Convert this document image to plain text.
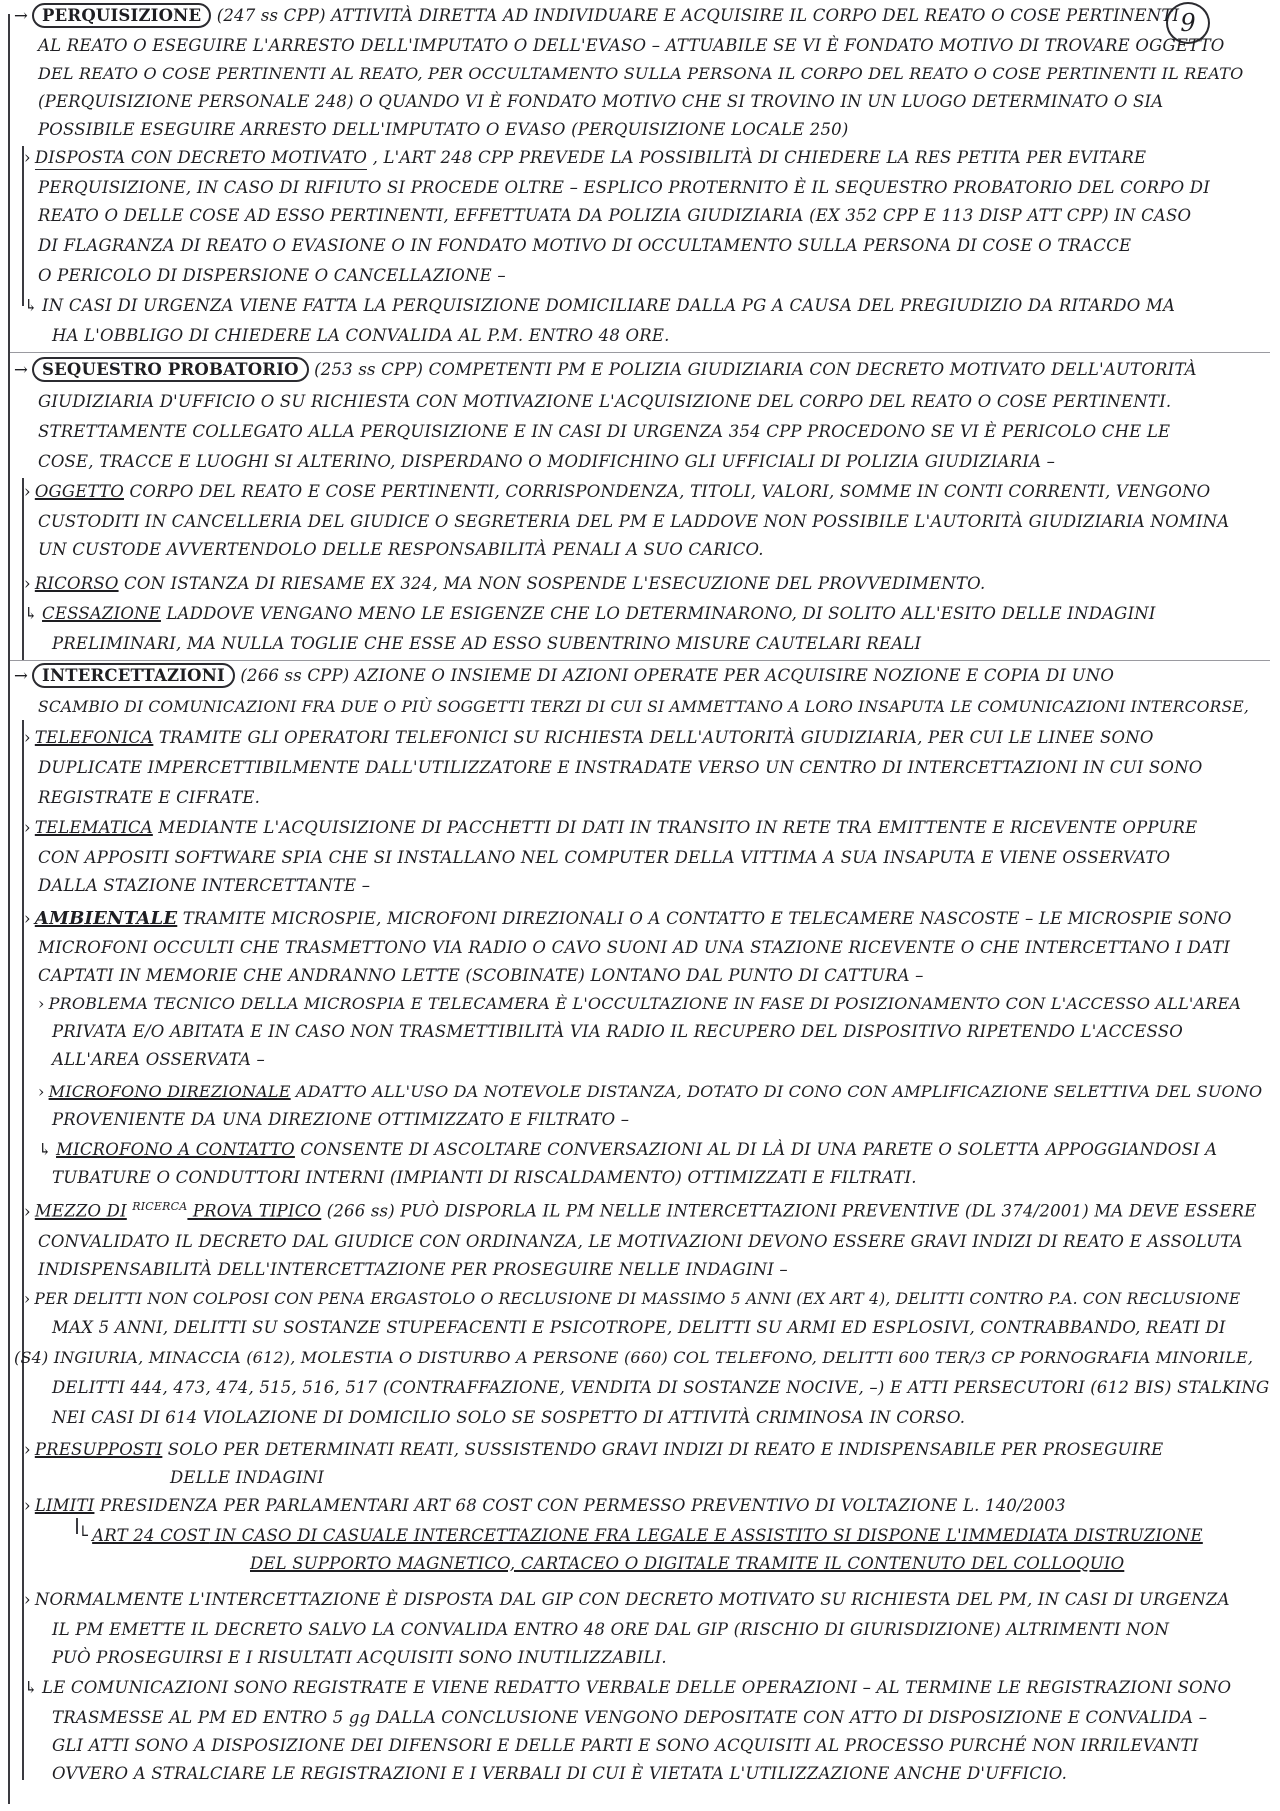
9
→ PERQUISIZIONE (247 ss CPP) ATTIVITÀ DIRETTA AD INDIVIDUARE E ACQUISIRE IL CORPO DEL REATO O COSE PERTINENTI
AL REATO O ESEGUIRE L'ARRESTO DELL'IMPUTATO O DELL'EVASO – ATTUABILE SE VI È FONDATO MOTIVO DI TROVARE OGGETTO
DEL REATO O COSE PERTINENTI AL REATO, PER OCCULTAMENTO SULLA PERSONA IL CORPO DEL REATO O COSE PERTINENTI IL REATO
(PERQUISIZIONE PERSONALE 248) O QUANDO VI È FONDATO MOTIVO CHE SI TROVINO IN UN LUOGO DETERMINATO O SIA
POSSIBILE ESEGUIRE ARRESTO DELL'IMPUTATO O EVASO (PERQUISIZIONE LOCALE 250)
› DISPOSTA CON DECRETO MOTIVATO , L'ART 248 CPP PREVEDE LA POSSIBILITÀ DI CHIEDERE LA RES PETITA PER EVITARE
PERQUISIZIONE, IN CASO DI RIFIUTO SI PROCEDE OLTRE – ESPLICO PROTERNITO È IL SEQUESTRO PROBATORIO DEL CORPO DI
REATO O DELLE COSE AD ESSO PERTINENTI, EFFETTUATA DA POLIZIA GIUDIZIARIA (EX 352 CPP E 113 DISP ATT CPP) IN CASO
DI FLAGRANZA DI REATO O EVASIONE O IN FONDATO MOTIVO DI OCCULTAMENTO SULLA PERSONA DI COSE O TRACCE
O PERICOLO DI DISPERSIONE O CANCELLAZIONE –
↳ IN CASI DI URGENZA VIENE FATTA LA PERQUISIZIONE DOMICILIARE DALLA PG A CAUSA DEL PREGIUDIZIO DA RITARDO MA
HA L'OBBLIGO DI CHIEDERE LA CONVALIDA AL P.M. ENTRO 48 ORE.
→ SEQUESTRO PROBATORIO (253 ss CPP) COMPETENTI PM E POLIZIA GIUDIZIARIA CON DECRETO MOTIVATO DELL'AUTORITÀ
GIUDIZIARIA D'UFFICIO O SU RICHIESTA CON MOTIVAZIONE L'ACQUISIZIONE DEL CORPO DEL REATO O COSE PERTINENTI.
STRETTAMENTE COLLEGATO ALLA PERQUISIZIONE E IN CASI DI URGENZA 354 CPP PROCEDONO SE VI È PERICOLO CHE LE
COSE, TRACCE E LUOGHI SI ALTERINO, DISPERDANO O MODIFICHINO GLI UFFICIALI DI POLIZIA GIUDIZIARIA –
› OGGETTO CORPO DEL REATO E COSE PERTINENTI, CORRISPONDENZA, TITOLI, VALORI, SOMME IN CONTI CORRENTI, VENGONO
CUSTODITI IN CANCELLERIA DEL GIUDICE O SEGRETERIA DEL PM E LADDOVE NON POSSIBILE L'AUTORITÀ GIUDIZIARIA NOMINA
UN CUSTODE AVVERTENDOLO DELLE RESPONSABILITÀ PENALI A SUO CARICO.
› RICORSO CON ISTANZA DI RIESAME EX 324, MA NON SOSPENDE L'ESECUZIONE DEL PROVVEDIMENTO.
↳ CESSAZIONE LADDOVE VENGANO MENO LE ESIGENZE CHE LO DETERMINARONO, DI SOLITO ALL'ESITO DELLE INDAGINI
PRELIMINARI, MA NULLA TOGLIE CHE ESSE AD ESSO SUBENTRINO MISURE CAUTELARI REALI
→ INTERCETTAZIONI (266 ss CPP) AZIONE O INSIEME DI AZIONI OPERATE PER ACQUISIRE NOZIONE E COPIA DI UNO
SCAMBIO DI COMUNICAZIONI FRA DUE O PIÙ SOGGETTI TERZI DI CUI SI AMMETTANO A LORO INSAPUTA LE COMUNICAZIONI INTERCORSE,
› TELEFONICA TRAMITE GLI OPERATORI TELEFONICI SU RICHIESTA DELL'AUTORITÀ GIUDIZIARIA, PER CUI LE LINEE SONO
DUPLICATE IMPERCETTIBILMENTE DALL'UTILIZZATORE E INSTRADATE VERSO UN CENTRO DI INTERCETTAZIONI IN CUI SONO
REGISTRATE E CIFRATE.
› TELEMATICA MEDIANTE L'ACQUISIZIONE DI PACCHETTI DI DATI IN TRANSITO IN RETE TRA EMITTENTE E RICEVENTE OPPURE
CON APPOSITI SOFTWARE SPIA CHE SI INSTALLANO NEL COMPUTER DELLA VITTIMA A SUA INSAPUTA E VIENE OSSERVATO
DALLA STAZIONE INTERCETTANTE –
› AMBIENTALE TRAMITE MICROSPIE, MICROFONI DIREZIONALI O A CONTATTO E TELECAMERE NASCOSTE – LE MICROSPIE SONO
MICROFONI OCCULTI CHE TRASMETTONO VIA RADIO O CAVO SUONI AD UNA STAZIONE RICEVENTE O CHE INTERCETTANO I DATI
CAPTATI IN MEMORIE CHE ANDRANNO LETTE (SCOBINATE) LONTANO DAL PUNTO DI CATTURA –
› PROBLEMA TECNICO DELLA MICROSPIA E TELECAMERA È L'OCCULTAZIONE IN FASE DI POSIZIONAMENTO CON L'ACCESSO ALL'AREA
PRIVATA E/O ABITATA E IN CASO NON TRASMETTIBILITÀ VIA RADIO IL RECUPERO DEL DISPOSITIVO RIPETENDO L'ACCESSO
ALL'AREA OSSERVATA –
› MICROFONO DIREZIONALE ADATTO ALL'USO DA NOTEVOLE DISTANZA, DOTATO DI CONO CON AMPLIFICAZIONE SELETTIVA DEL SUONO
PROVENIENTE DA UNA DIREZIONE OTTIMIZZATO E FILTRATO –
↳ MICROFONO A CONTATTO CONSENTE DI ASCOLTARE CONVERSAZIONI AL DI LÀ DI UNA PARETE O SOLETTA APPOGGIANDOSI A
TUBATURE O CONDUTTORI INTERNI (IMPIANTI DI RISCALDAMENTO) OTTIMIZZATI E FILTRATI.
› MEZZO DI $^{RICERCA}$ PROVA TIPICO (266 ss) PUÒ DISPORLA IL PM NELLE INTERCETTAZIONI PREVENTIVE (DL 374/2001) MA DEVE ESSERE
CONVALIDATO IL DECRETO DAL GIUDICE CON ORDINANZA, LE MOTIVAZIONI DEVONO ESSERE GRAVI INDIZI DI REATO E ASSOLUTA
INDISPENSABILITÀ DELL'INTERCETTAZIONE PER PROSEGUIRE NELLE INDAGINI –
› PER DELITTI NON COLPOSI CON PENA ERGASTOLO O RECLUSIONE DI MASSIMO 5 ANNI (EX ART 4), DELITTI CONTRO P.A. CON RECLUSIONE
MAX 5 ANNI, DELITTI SU SOSTANZE STUPEFACENTI E PSICOTROPE, DELITTI SU ARMI ED ESPLOSIVI, CONTRABBANDO, REATI DI
(S4) INGIURIA, MINACCIA (612), MOLESTIA O DISTURBO A PERSONE (660) COL TELEFONO, DELITTI 600 TER/3 CP PORNOGRAFIA MINORILE,
DELITTI 444, 473, 474, 515, 516, 517 (CONTRAFFAZIONE, VENDITA DI SOSTANZE NOCIVE, –) E ATTI PERSECUTORI (612 BIS) STALKING
NEI CASI DI 614 VIOLAZIONE DI DOMICILIO SOLO SE SOSPETTO DI ATTIVITÀ CRIMINOSA IN CORSO.
› PRESUPPOSTI SOLO PER DETERMINATI REATI, SUSSISTENDO GRAVI INDIZI DI REATO E INDISPENSABILE PER PROSEGUIRE
DELLE INDAGINI
› LIMITI PRESIDENZA PER PARLAMENTARI ART 68 COST CON PERMESSO PREVENTIVO DI VOLTAZIONE L. 140/2003
└ ART 24 COST IN CASO DI CASUALE INTERCETTAZIONE FRA LEGALE E ASSISTITO SI DISPONE L'IMMEDIATA DISTRUZIONE
DEL SUPPORTO MAGNETICO, CARTACEO O DIGITALE TRAMITE IL CONTENUTO DEL COLLOQUIO
› NORMALMENTE L'INTERCETTAZIONE È DISPOSTA DAL GIP CON DECRETO MOTIVATO SU RICHIESTA DEL PM, IN CASI DI URGENZA
IL PM EMETTE IL DECRETO SALVO LA CONVALIDA ENTRO 48 ORE DAL GIP (RISCHIO DI GIURISDIZIONE) ALTRIMENTI NON
PUÒ PROSEGUIRSI E I RISULTATI ACQUISITI SONO INUTILIZZABILI.
↳ LE COMUNICAZIONI SONO REGISTRATE E VIENE REDATTO VERBALE DELLE OPERAZIONI – AL TERMINE LE REGISTRAZIONI SONO
TRASMESSE AL PM ED ENTRO 5 gg DALLA CONCLUSIONE VENGONO DEPOSITATE CON ATTO DI DISPOSIZIONE E CONVALIDA –
GLI ATTI SONO A DISPOSIZIONE DEI DIFENSORI E DELLE PARTI E SONO ACQUISITI AL PROCESSO PURCHÉ NON IRRILEVANTI
OVVERO A STRALCIARE LE REGISTRAZIONI E I VERBALI DI CUI È VIETATA L'UTILIZZAZIONE ANCHE D'UFFICIO.
